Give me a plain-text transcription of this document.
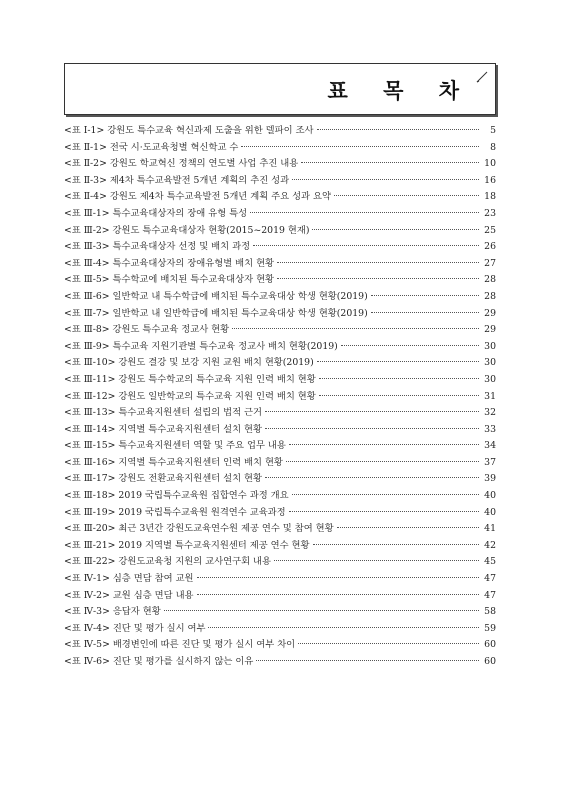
표 목 차
<표 Ⅰ-1> 강원도 특수교육 혁신과제 도출을 위한 델파이 조사	5
<표 Ⅱ-1> 전국 시·도교육청별 혁신학교 수	8
<표 Ⅱ-2> 강원도 학교혁신 정책의 연도별 사업 추진 내용	10
<표 Ⅱ-3> 제4차 특수교육발전 5개년 계획의 추진 성과	16
<표 Ⅱ-4> 강원도 제4차 특수교육발전 5개년 계획 주요 성과 요약	18
<표 Ⅲ-1> 특수교육대상자의 장애 유형 특성	23
<표 Ⅲ-2> 강원도 특수교육대상자 현황(2015~2019 현재)	25
<표 Ⅲ-3> 특수교육대상자 선정 및 배치 과정	26
<표 Ⅲ-4> 특수교육대상자의 장애유형별 배치 현황	27
<표 Ⅲ-5> 특수학교에 배치된 특수교육대상자 현황	28
<표 Ⅲ-6> 일반학교 내 특수학급에 배치된 특수교육대상 학생 현황(2019)	28
<표 Ⅲ-7> 일반학교 내 일반학급에 배치된 특수교육대상 학생 현황(2019)	29
<표 Ⅲ-8> 강원도 특수교육 정교사 현황	29
<표 Ⅲ-9> 특수교육 지원기관별 특수교육 정교사 배치 현황(2019)	30
<표 Ⅲ-10> 강원도 결강 및 보강 지원 교원 배치 현황(2019)	30
<표 Ⅲ-11> 강원도 특수학교의 특수교육 지원 인력 배치 현황	30
<표 Ⅲ-12> 강원도 일반학교의 특수교육 지원 인력 배치 현황	31
<표 Ⅲ-13> 특수교육지원센터 설립의 법적 근거	32
<표 Ⅲ-14> 지역별 특수교육지원센터 설치 현황	33
<표 Ⅲ-15> 특수교육지원센터 역할 및 주요 업무 내용	34
<표 Ⅲ-16> 지역별 특수교육지원센터 인력 배치 현황	37
<표 Ⅲ-17> 강원도 전환교육지원센터 설치 현황	39
<표 Ⅲ-18> 2019 국립특수교육원 집합연수 과정 개요	40
<표 Ⅲ-19> 2019 국립특수교육원 원격연수 교육과정	40
<표 Ⅲ-20> 최근 3년간 강원도교육연수원 제공 연수 및 참여 현황	41
<표 Ⅲ-21> 2019 지역별 특수교육지원센터 제공 연수 현황	42
<표 Ⅲ-22> 강원도교육청 지원의 교사연구회 내용	45
<표 Ⅳ-1> 심층 면담 참여 교원	47
<표 Ⅳ-2> 교원 심층 면담 내용	47
<표 Ⅳ-3> 응답자 현황	58
<표 Ⅳ-4> 진단 및 평가 실시 여부	59
<표 Ⅳ-5> 배경변인에 따른 진단 및 평가 실시 여부 차이	60
<표 Ⅳ-6> 진단 및 평가를 실시하지 않는 이유	60
